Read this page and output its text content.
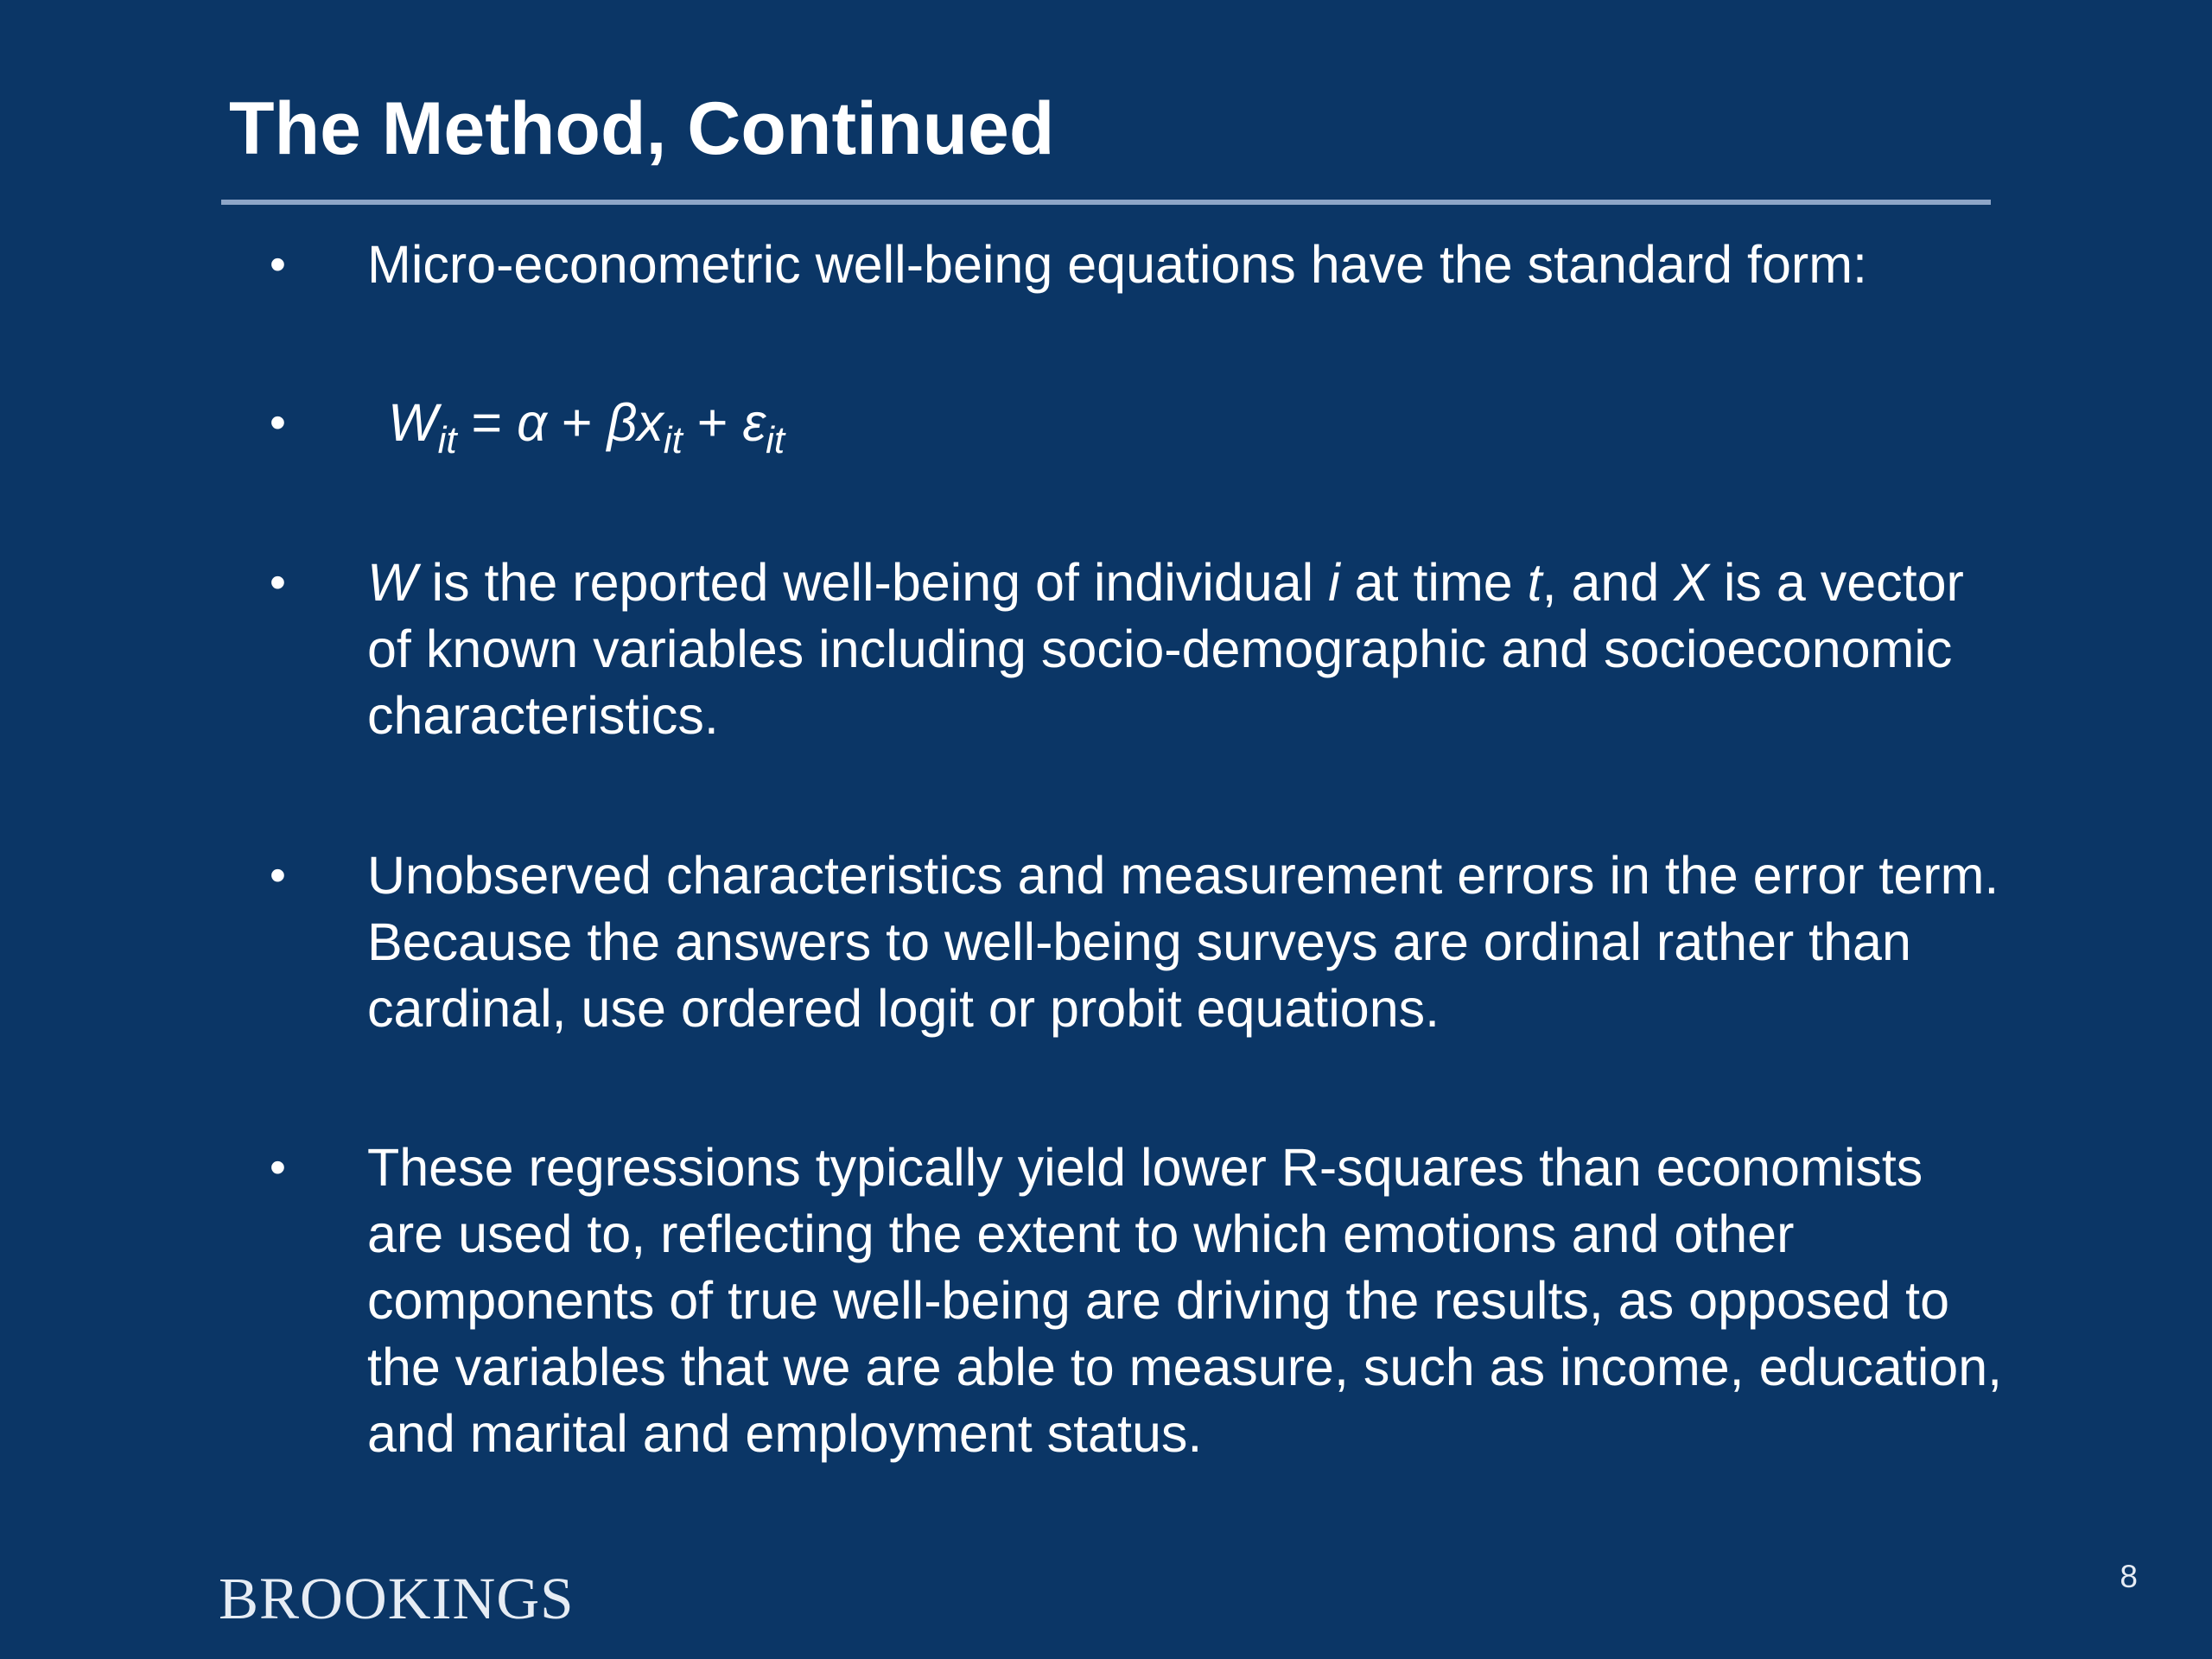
The Method, Continued
• Micro-econometric well-being equations have the standard form:
•	$W_{it} = \alpha + \beta x_{it} + \varepsilon_{it}$
• W is the reported well-being of individual i at time t, and X is a vector of known variables including socio-demographic and socioeconomic characteristics.
• Unobserved characteristics and measurement errors in the error term. Because the answers to well-being surveys are ordinal rather than cardinal, use ordered logit or probit equations.
• These regressions typically yield lower R-squares than economists are used to, reflecting the extent to which emotions and other components of true well-being are driving the results, as opposed to the variables that we are able to measure, such as income, education, and marital and employment status.
BROOKINGS	8
